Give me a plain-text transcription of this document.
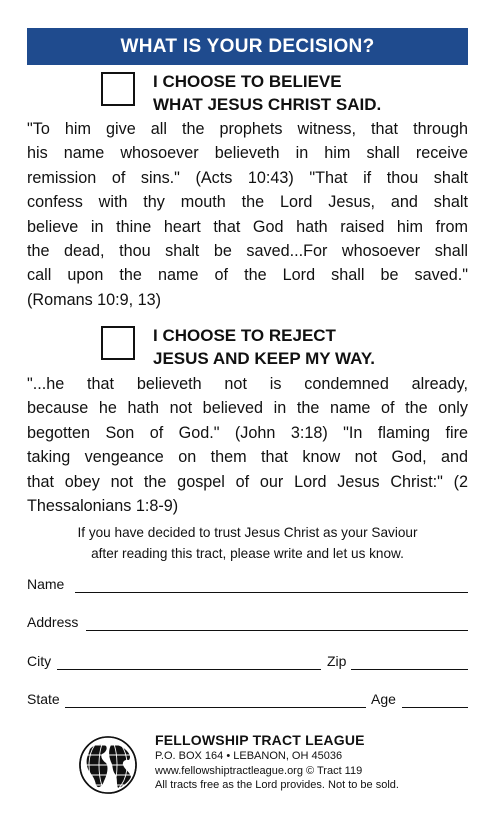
WHAT IS YOUR DECISION?
I CHOOSE TO BELIEVE
WHAT JESUS CHRIST SAID.
"To him give all the prophets witness, that through
his name whosoever believeth in him shall receive
remission of sins." (Acts 10:43) "That if thou shalt
confess with thy mouth the Lord Jesus, and shalt
believe in thine heart that God hath raised him from
the dead, thou shalt be saved...For whosoever shall
call upon the name of the Lord shall be saved."
(Romans 10:9, 13)
I CHOOSE TO REJECT
JESUS AND KEEP MY WAY.
"...he that believeth not is condemned already,
because he hath not believed in the name of the only
begotten Son of God." (John 3:18) "In flaming fire
taking vengeance on them that know not God, and
that obey not the gospel of our Lord Jesus Christ:" (2
Thessalonians 1:8-9)
If you have decided to trust Jesus Christ as your Saviour
after reading this tract, please write and let us know.
Name
Address
City	Zip
State	Age
FELLOWSHIP TRACT LEAGUE
P.O. BOX 164 • LEBANON, OH 45036
www.fellowshiptractleague.org © Tract 119
All tracts free as the Lord provides. Not to be sold.
